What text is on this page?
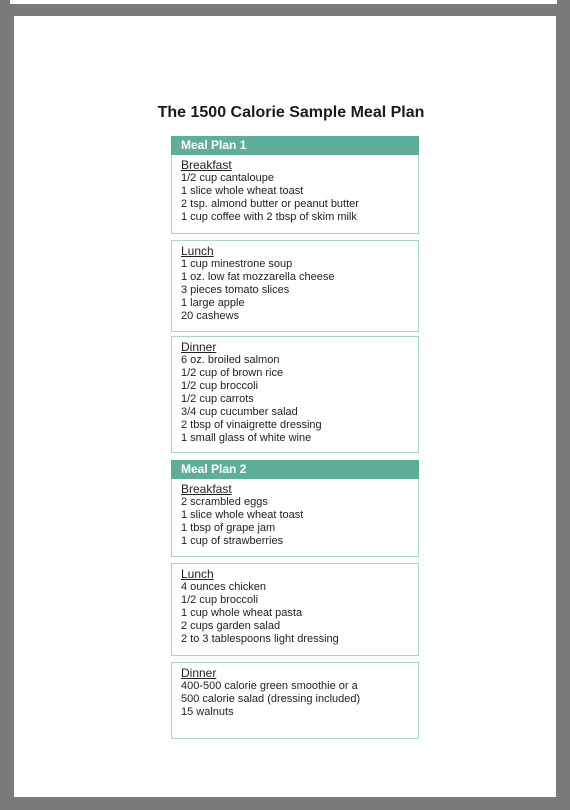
The 1500 Calorie Sample Meal Plan
Meal Plan 1
Breakfast
1/2 cup cantaloupe
1 slice whole wheat toast
2 tsp. almond butter or peanut butter
1 cup coffee with 2 tbsp of skim milk
Lunch
1 cup minestrone soup
1 oz. low fat mozzarella cheese
3 pieces tomato slices
1 large apple
20 cashews
Dinner
6 oz. broiled salmon
1/2 cup of brown rice
1/2 cup broccoli
1/2 cup carrots
3/4 cup cucumber salad
2 tbsp of vinaigrette dressing
1 small glass of white wine
Meal Plan 2
Breakfast
2 scrambled eggs
1 slice whole wheat toast
1 tbsp of grape jam
1 cup of strawberries
Lunch
4 ounces chicken
1/2 cup broccoli
1 cup whole wheat pasta
2 cups garden salad
2 to 3 tablespoons light dressing
Dinner
400-500 calorie green smoothie or a
500 calorie salad (dressing included)
15 walnuts
